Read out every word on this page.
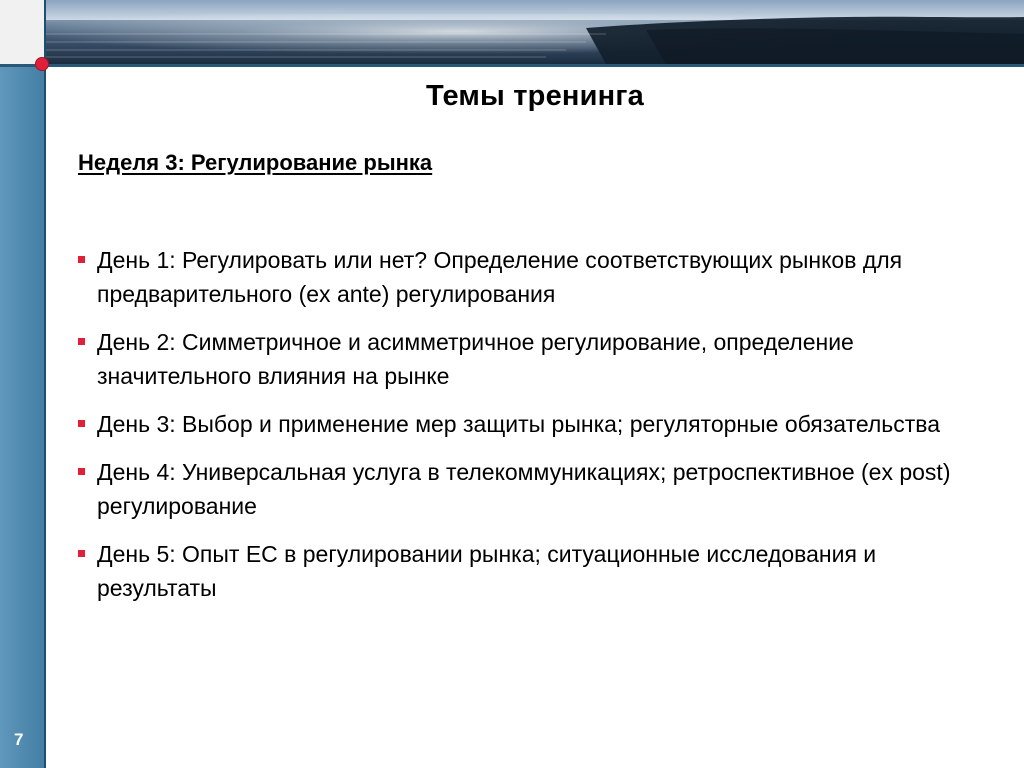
Темы тренинга
Неделя 3: Регулирование рынка
День 1: Регулировать или нет? Определение соответствующих рынков для предварительного (ex ante) регулирования
День 2: Симметричное и асимметричное регулирование, определение значительного влияния на рынке
День 3: Выбор и применение мер защиты рынка; регуляторные обязательства
День 4: Универсальная услуга в телекоммуникациях; ретроспективное (ex post) регулирование
День 5: Опыт ЕС в регулировании рынка; ситуационные исследования и результаты
7
